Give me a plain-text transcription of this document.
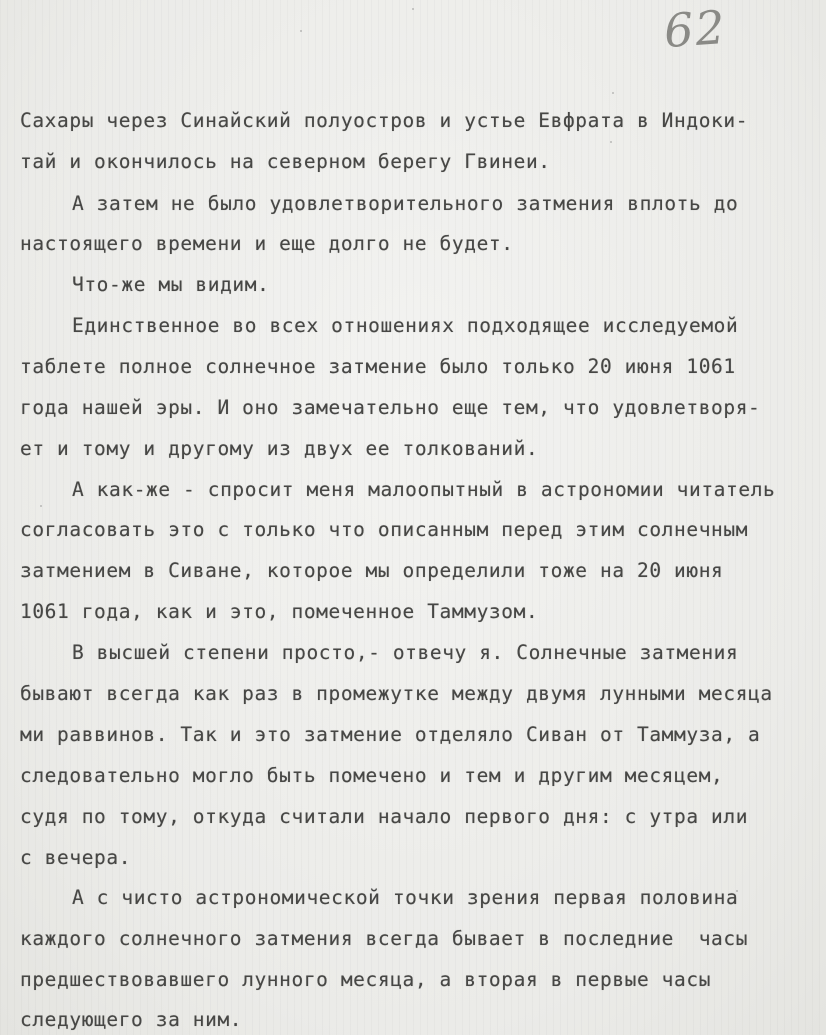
62
Сахары через Синайский полуостров и устье Евфрата в Индоки-
тай и окончилось на северном берегу Гвинеи.
А затем не было удовлетворительного затмения вплоть до
настоящего времени и еще долго не будет.
Что-же мы видим.
Единственное во всех отношениях подходящее исследуемой
таблете полное солнечное затмение было только 20 июня 1061
года нашей эры. И оно замечательно еще тем, что удовлетворя-
ет и тому и другому из двух ее толкований.
А как-же - спросит меня малоопытный в астрономии читатель
согласовать это с только что описанным перед этим солнечным
затмением в Сиване, которое мы определили тоже на 20 июня
1061 года, как и это, помеченное Таммузом.
В высшей степени просто,- отвечу я. Солнечные затмения
бывают всегда как раз в промежутке между двумя лунными месяца
ми раввинов. Так и это затмение отделяло Сиван от Таммуза, а
следовательно могло быть помечено и тем и другим месяцем,
судя по тому, откуда считали начало первого дня: с утра или
с вечера.
А с чисто астрономической точки зрения первая половина
каждого солнечного затмения всегда бывает в последние  часы
предшествовавшего лунного месяца, а вторая в первые часы
следующего за ним.
